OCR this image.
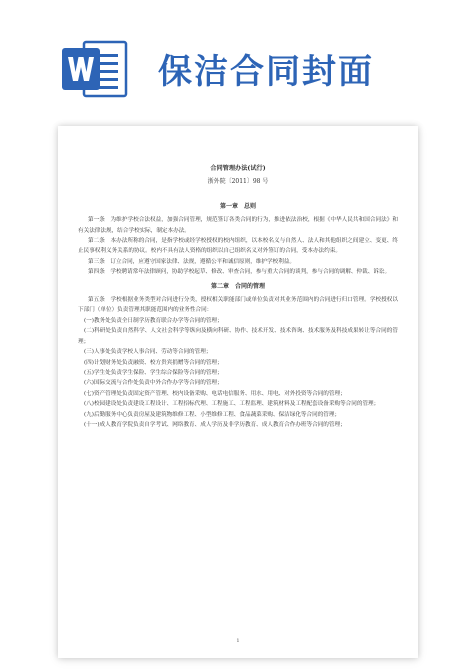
保洁合同封面
合同管理办法(试行)
浙外院〔2011〕98 号
第一章　总则

第一条　为维护学校合法权益，加强合同管理，规范签订各类合同的行为，推进依法治校，根据《中华人民共和国合同法》和有关法律法规，结合学校实际，制定本办法。

第二条　本办法所称的合同，是指学校或经学校授权的校内组织，以本校名义与自然人、法人和其他组织之间建立、变更、终止民事权利义务关系的协议。校内不具有法人资格的组织以自己组织名义对外签订的合同，受本办法约束。

第三条　订立合同，应遵守国家法律、法规，遵循公平和诚信原则，维护学校利益。

第四条　学校聘请常年法律顾问，协助学校起草、修改、审查合同，参与重大合同的谈判，参与合同的调解、仲裁、诉讼。

第二章　合同的管理

第五条　学校根据业务类型对合同进行分类，授权相关职能部门或单位负责对其业务范围内的合同进行归口管理。学校授权以下部门（单位）负责管理其职能范围内的业务性合同：

(一)教务处负责全日制学历教育联合办学等合同的管理；

(二)科研处负责自然科学、人文社会科学等纵向及横向科研、协作、技术开发、技术咨询、技术服务及科技成果转让等合同的管理；

(三)人事处负责学校人事合同、劳动等合同的管理；

(四)计划财务处负责融资、校方贵宾捐赠等合同的管理；

(五)学生处负责学生保险、学生综合保险等合同的管理；

(六)国际交流与合作处负责中外合作办学等合同的管理；

(七)资产管理处负责固定资产管理、校内设备采购、电话电信服务、用水、用电、对外投资等合同的管理；

(八)校园建设处负责建设工程设计、工程招标代理、工程施工、工程监理、建筑材料及工程配套设备采购等合同的管理；

(九)后勤服务中心负责房屋及建筑物维修工程、小型维修工程、食品蔬菜采购、保洁绿化等合同的管理；

(十一)成人教育学院负责自学考试、网络教育、成人学历及非学历教育、成人教育合作办班等合同的管理；

1
